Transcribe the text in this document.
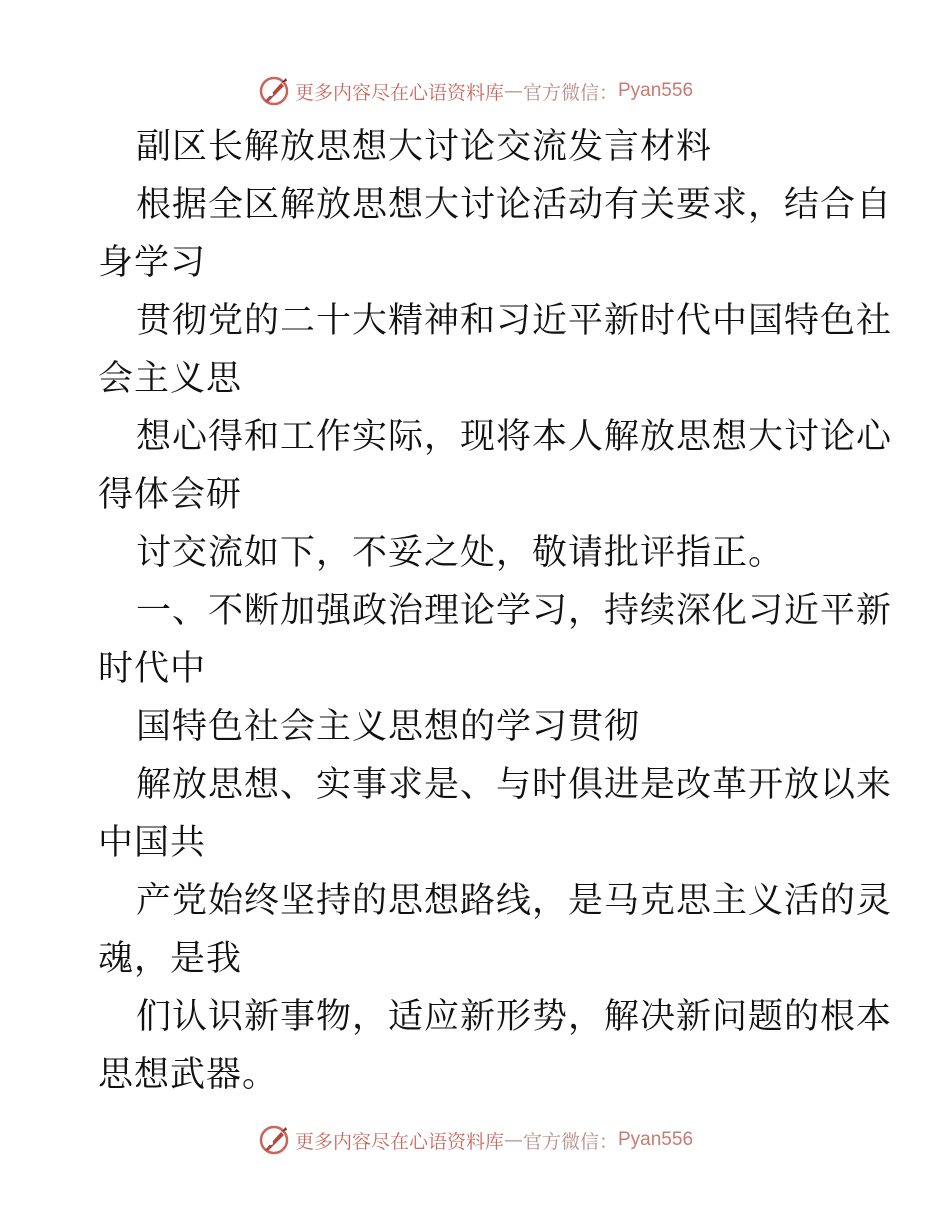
更多内容尽在心语资料库 — 官方微信： Pyan556
副区长解放思想大讨论交流发言材料
根据全区解放思想大讨论活动有关要求，结合自
身学习
贯彻党的二十大精神和习近平新时代中国特色社
会主义思
想心得和工作实际，现将本人解放思想大讨论心
得体会研
讨交流如下，不妥之处，敬请批评指正。
一、不断加强政治理论学习，持续深化习近平新
时代中
国特色社会主义思想的学习贯彻
解放思想、实事求是、与时俱进是改革开放以来
中国共
产党始终坚持的思想路线，是马克思主义活的灵
魂，是我
们认识新事物，适应新形势，解决新问题的根本
思想武器。
更多内容尽在心语资料库 — 官方微信： Pyan556
